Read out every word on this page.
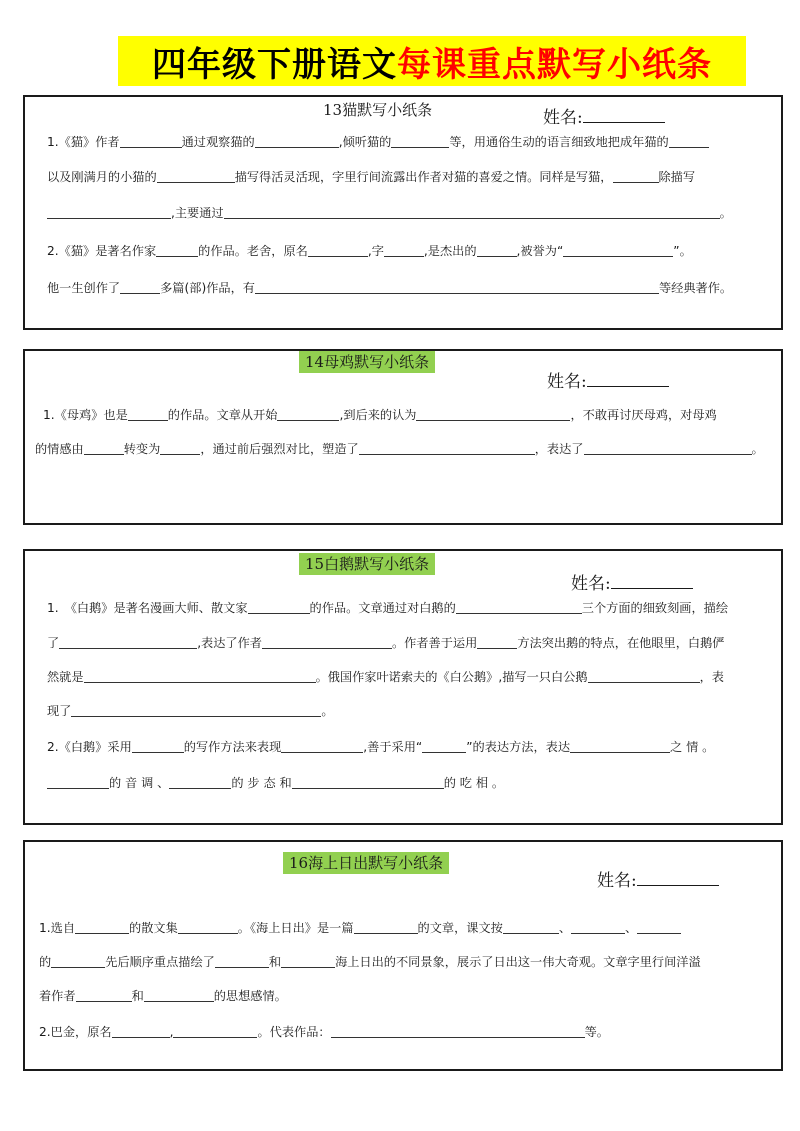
四年级下册语文 每课重点默写小纸条
13猫默写小纸条	姓名:
1.《猫》作者	通过观察猫的	,倾听猫的	等，用通俗生动的语言细致地把成年猫的
以及刚满月的小猫的	描写得活灵活现，字里行间流露出作者对猫的喜爱之情。同样是写猫，	除描写
,主要通过	。
2.《猫》是著名作家	的作品。老舍，原名	,字	,是杰出的	,被誉为“	”。
他一生创作了	多篇(部)作品，有	等经典著作。
14母鸡默写小纸条
姓名:
1.《母鸡》也是	的作品。文章从开始	,到后来的认为	，不敢再讨厌母鸡，对母鸡
的情感由	转变为	，通过前后强烈对比，塑造了	，表达了	。
15白鹅默写小纸条
姓名:
1.　《白鹅》是著名漫画大师、散文家	的作品。文章通过对白鹅的	三个方面的细致刻画，描绘
了	,表达了作者	。作者善于运用	方法突出鹅的特点，在他眼里，白鹅俨
然就是	。俄国作家叶诺索夫的《白公鹅》,描写一只白公鹅	，表
现了	。
2.《白鹅》采用	的写作方法来表现	,善于采用“	”的表达方法，表达	之 情 。
的 音 调 、	的 步 态 和	的 吃 相 。
16海上日出默写小纸条
姓名:
1.选自	的散文集	。《海上日出》是一篇	的文章，课文按	、	、
的	先后顺序重点描绘了	和	海上日出的不同景象，展示了日出这一伟大奇观。文章字里行间洋溢
着作者	和	的思想感情。
2.巴金，原名	,	。代表作品：	等。
